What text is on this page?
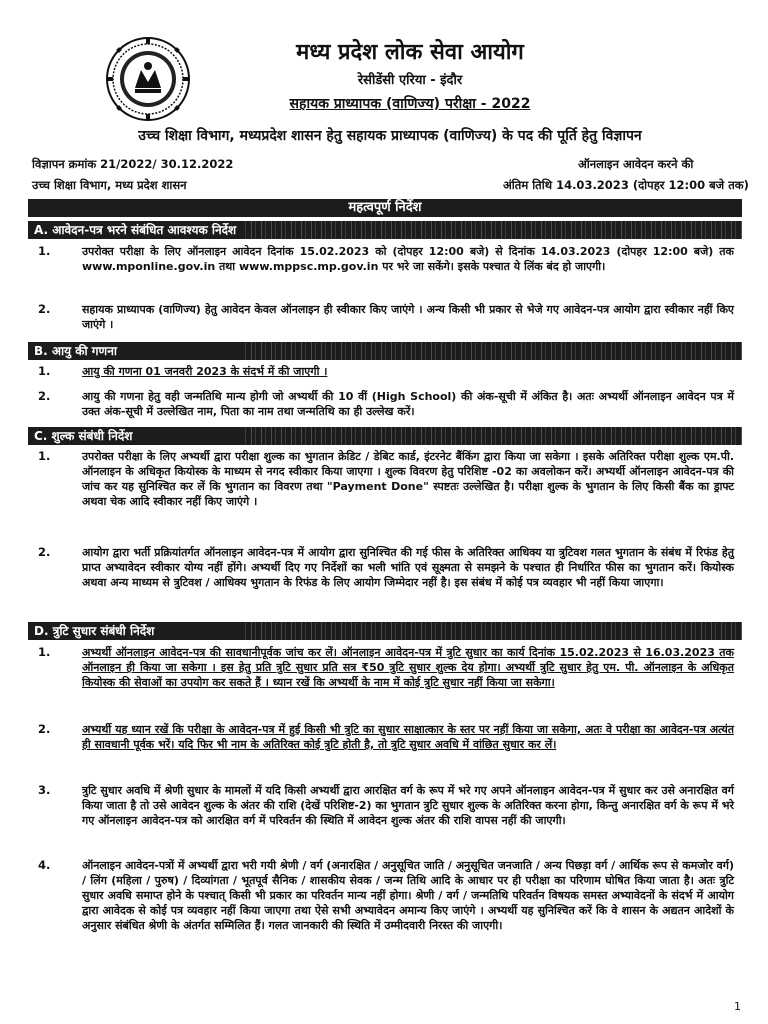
मध्य प्रदेश लोक सेवा आयोग
रेसीडेंसी एरिया - इंदौर
सहायक प्राध्यापक (वाणिज्य) परीक्षा - 2022
उच्च शिक्षा विभाग, मध्यप्रदेश शासन हेतु सहायक प्राध्यापक (वाणिज्य) के पद की पूर्ति हेतु विज्ञापन
विज्ञापन क्रमांक 21/2022/ 30.12.2022
उच्च शिक्षा विभाग, मध्य प्रदेश शासन
ऑनलाइन आवेदन करने की
अंतिम तिथि 14.03.2023 (दोपहर 12:00 बजे तक)
महत्वपूर्ण निर्देश
A. आवेदन-पत्र भरने संबंधित आवश्यक निर्देश
1.	उपरोक्त परीक्षा के लिए ऑनलाइन आवेदन दिनांक 15.02.2023 को (दोपहर 12:00 बजे) से दिनांक 14.03.2023 (दोपहर 12:00 बजे) तक www.mponline.gov.in तथा www.mppsc.mp.gov.in पर भरे जा सकेंगे। इसके पश्चात ये लिंक बंद हो जाएगी।
2.	सहायक प्राध्यापक (वाणिज्य) हेतु आवेदन केवल ऑनलाइन ही स्वीकार किए जाएंगे । अन्य किसी भी प्रकार से भेजे गए आवेदन-पत्र आयोग द्वारा स्वीकार नहीं किए जाएंगे ।
B. आयु की गणना
1.	आयु की गणना 01 जनवरी 2023 के संदर्भ में की जाएगी ।
2.	आयु की गणना हेतु वही जन्मतिथि मान्य होगी जो अभ्यर्थी की 10 वीं (High School) की अंक-सूची में अंकित है। अतः अभ्यर्थी ऑनलाइन आवेदन पत्र में उक्त अंक-सूची में उल्लेखित नाम, पिता का नाम तथा जन्मतिथि का ही उल्लेख करें।
C. शुल्क संबंधी निर्देश
1.	उपरोक्त परीक्षा के लिए अभ्यर्थी द्वारा परीक्षा शुल्क का भुगतान क्रेडिट / डेबिट कार्ड, इंटरनेट बैंकिंग द्वारा किया जा सकेगा । इसके अतिरिक्त परीक्षा शुल्क एम.पी. ऑनलाइन के अधिकृत कियोस्क के माध्यम से नगद स्वीकार किया जाएगा । शुल्क विवरण हेतु परिशिष्ट -02 का अवलोकन करें। अभ्यर्थी ऑनलाइन आवेदन-पत्र की जांच कर यह सुनिश्चित कर लें कि भुगतान का विवरण तथा "Payment Done" स्पष्टतः उल्लेखित है। परीक्षा शुल्क के भुगतान के लिए किसी बैंक का ड्राफ्ट अथवा चेक आदि स्वीकार नहीं किए जाएंगे ।
2.	आयोग द्वारा भर्ती प्रक्रियांतर्गत ऑनलाइन आवेदन-पत्र में आयोग द्वारा सुनिश्चित की गई फीस के अतिरिक्त आधिक्य या त्रुटिवश गलत भुगतान के संबंध में रिफंड हेतु प्राप्त अभ्यावेदन स्वीकार योग्य नहीं होंगे। अभ्यर्थी दिए गए निर्देशों का भली भांति एवं सूक्ष्मता से समझने के पश्चात ही निर्धारित फीस का भुगतान करें। कियोस्क अथवा अन्य माध्यम से त्रुटिवश / आधिक्य भुगतान के रिफंड के लिए आयोग जिम्मेदार नहीं है। इस संबंध में कोई पत्र व्यवहार भी नहीं किया जाएगा।
D. त्रुटि सुधार संबंधी निर्देश
1.	अभ्यर्थी ऑनलाइन आवेदन-पत्र की सावधानीपूर्वक जांच कर लें। ऑनलाइन आवेदन-पत्र में त्रुटि सुधार का कार्य दिनांक 15.02.2023 से 16.03.2023 तक ऑनलाइन ही किया जा सकेगा । इस हेतु प्रति त्रुटि सुधार प्रति सत्र ₹50 त्रुटि सुधार शुल्क देय होगा। अभ्यर्थी त्रुटि सुधार हेतु एम. पी. ऑनलाइन के अधिकृत कियोस्क की सेवाओं का उपयोग कर सकते हैं । ध्यान रखें कि अभ्यर्थी के नाम में कोई त्रुटि सुधार नहीं किया जा सकेगा।
2.	अभ्यर्थी यह ध्यान रखें कि परीक्षा के आवेदन-पत्र में हुई किसी भी त्रुटि का सुधार साक्षात्कार के स्तर पर नहीं किया जा सकेगा, अतः वे परीक्षा का आवेदन-पत्र अत्यंत ही सावधानी पूर्वक भरें। यदि फिर भी नाम के अतिरिक्त कोई त्रुटि होती है, तो त्रुटि सुधार अवधि में वांछित सुधार कर लें।
3.	त्रुटि सुधार अवधि में श्रेणी सुधार के मामलों में यदि किसी अभ्यर्थी द्वारा आरक्षित वर्ग के रूप में भरे गए अपने ऑनलाइन आवेदन-पत्र में सुधार कर उसे अनारक्षित वर्ग किया जाता है तो उसे आवेदन शुल्क के अंतर की राशि (देखें परिशिष्ट-2) का भुगतान त्रुटि सुधार शुल्क के अतिरिक्त करना होगा, किन्तु अनारक्षित वर्ग के रूप में भरे गए ऑनलाइन आवेदन-पत्र को आरक्षित वर्ग में परिवर्तन की स्थिति में आवेदन शुल्क अंतर की राशि वापस नहीं की जाएगी।
4.	ऑनलाइन आवेदन-पत्रों में अभ्यर्थी द्वारा भरी गयी श्रेणी / वर्ग (अनारक्षित / अनुसूचित जाति / अनुसूचित जनजाति / अन्य पिछड़ा वर्ग / आर्थिक रूप से कमजोर वर्ग) / लिंग (महिला / पुरुष) / दिव्यांगता / भूतपूर्व सैनिक / शासकीय सेवक / जन्म तिथि आदि के आधार पर ही परीक्षा का परिणाम घोषित किया जाता है। अतः त्रुटि सुधार अवधि समाप्त होने के पश्चात् किसी भी प्रकार का परिवर्तन मान्य नहीं होगा। श्रेणी / वर्ग / जन्मतिथि परिवर्तन विषयक समस्त अभ्यावेदनों के संदर्भ में आयोग द्वारा आवेदक से कोई पत्र व्यवहार नहीं किया जाएगा तथा ऐसे सभी अभ्यावेदन अमान्य किए जाएंगे । अभ्यर्थी यह सुनिश्चित करें कि वे शासन के अद्यतन आदेशों के अनुसार संबंधित श्रेणी के अंतर्गत सम्मिलित हैं। गलत जानकारी की स्थिति में उम्मीदवारी निरस्त की जाएगी।
1
